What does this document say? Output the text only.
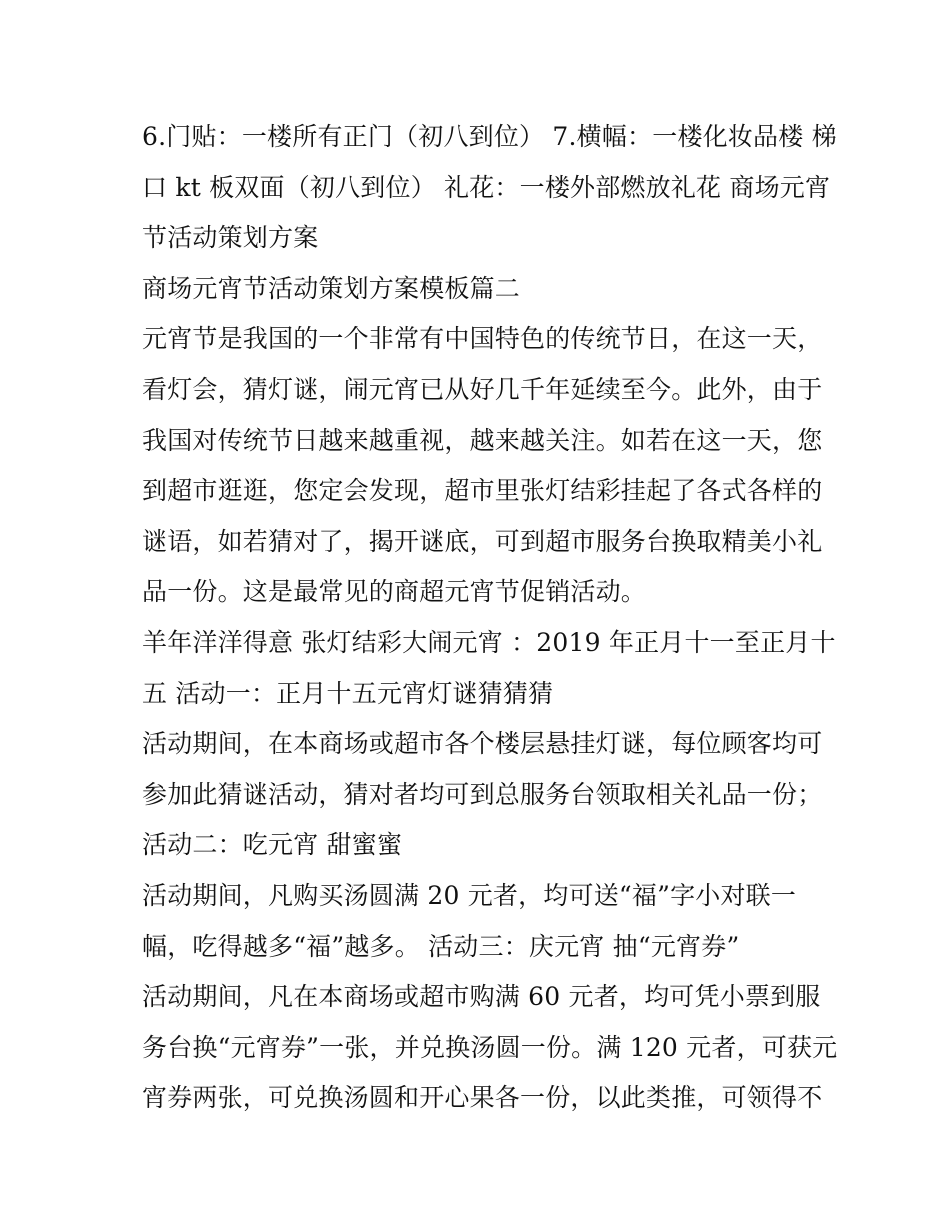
6.门贴：一楼所有正门（初八到位） 7.横幅：一楼化妆品楼 梯
口 kt 板双面（初八到位） 礼花：一楼外部燃放礼花 商场元宵
节活动策划方案
商场元宵节活动策划方案模板篇二
元宵节是我国的一个非常有中国特色的传统节日，在这一天，
看灯会，猜灯谜，闹元宵已从好几千年延续至今。此外，由于
我国对传统节日越来越重视，越来越关注。如若在这一天，您
到超市逛逛，您定会发现，超市里张灯结彩挂起了各式各样的
谜语，如若猜对了，揭开谜底，可到超市服务台换取精美小礼
品一份。这是最常见的商超元宵节促销活动。
羊年洋洋得意 张灯结彩大闹元宵 ：2019 年正月十一至正月十
五 活动一：正月十五元宵灯谜猜猜猜
活动期间，在本商场或超市各个楼层悬挂灯谜，每位顾客均可
参加此猜谜活动，猜对者均可到总服务台领取相关礼品一份；
活动二：吃元宵 甜蜜蜜
活动期间，凡购买汤圆满 20 元者，均可送“福”字小对联一
幅，吃得越多“福”越多。 活动三：庆元宵 抽“元宵券”
活动期间，凡在本商场或超市购满 60 元者，均可凭小票到服
务台换“元宵券”一张，并兑换汤圆一份。满 120 元者，可获元
宵券两张，可兑换汤圆和开心果各一份，以此类推，可领得不
